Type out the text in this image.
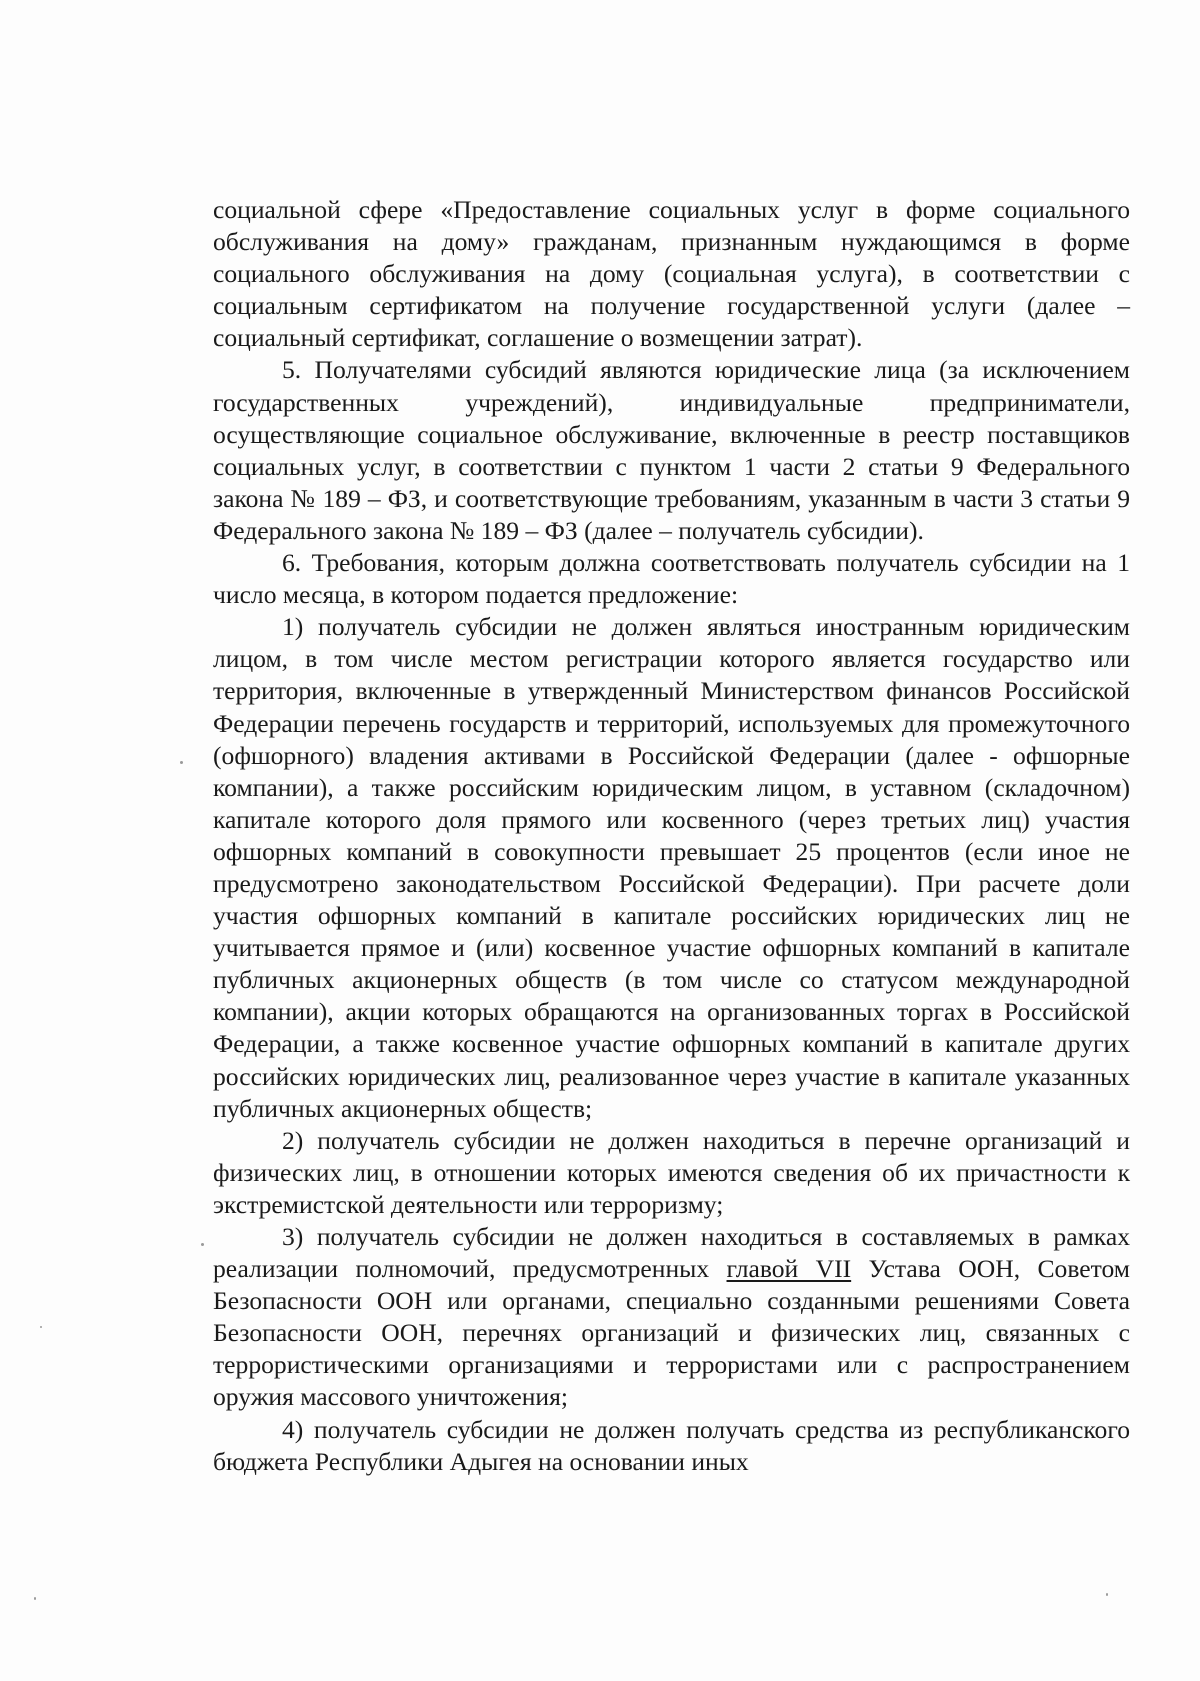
социальной сфере «Предоставление социальных услуг в форме социального обслуживания на дому» гражданам, признанным нуждающимся в форме социального обслуживания на дому (социальная услуга), в соответствии с социальным сертификатом на получение государственной услуги (далее – социальный сертификат, соглашение о возмещении затрат).

5. Получателями субсидий являются юридические лица (за исключением государственных учреждений), индивидуальные предприниматели, осуществляющие социальное обслуживание, включенные в реестр поставщиков социальных услуг, в соответствии с пунктом 1 части 2 статьи 9 Федерального закона № 189 – ФЗ, и соответствующие требованиям, указанным в части 3 статьи 9 Федерального закона № 189 – ФЗ (далее – получатель субсидии).

6. Требования, которым должна соответствовать получатель субсидии на 1 число месяца, в котором подается предложение:

1) получатель субсидии не должен являться иностранным юридическим лицом, в том числе местом регистрации которого является государство или территория, включенные в утвержденный Министерством финансов Российской Федерации перечень государств и территорий, используемых для промежуточного (офшорного) владения активами в Российской Федерации (далее - офшорные компании), а также российским юридическим лицом, в уставном (складочном) капитале которого доля прямого или косвенного (через третьих лиц) участия офшорных компаний в совокупности превышает 25 процентов (если иное не предусмотрено законодательством Российской Федерации). При расчете доли участия офшорных компаний в капитале российских юридических лиц не учитывается прямое и (или) косвенное участие офшорных компаний в капитале публичных акционерных обществ (в том числе со статусом международной компании), акции которых обращаются на организованных торгах в Российской Федерации, а также косвенное участие офшорных компаний в капитале других российских юридических лиц, реализованное через участие в капитале указанных публичных акционерных обществ;

2) получатель субсидии не должен находиться в перечне организаций и физических лиц, в отношении которых имеются сведения об их причастности к экстремистской деятельности или терроризму;

3) получатель субсидии не должен находиться в составляемых в рамках реализации полномочий, предусмотренных главой VII Устава ООН, Советом Безопасности ООН или органами, специально созданными решениями Совета Безопасности ООН, перечнях организаций и физических лиц, связанных с террористическими организациями и террористами или с распространением оружия массового уничтожения;

4) получатель субсидии не должен получать средства из республиканского бюджета Республики Адыгея на основании иных
